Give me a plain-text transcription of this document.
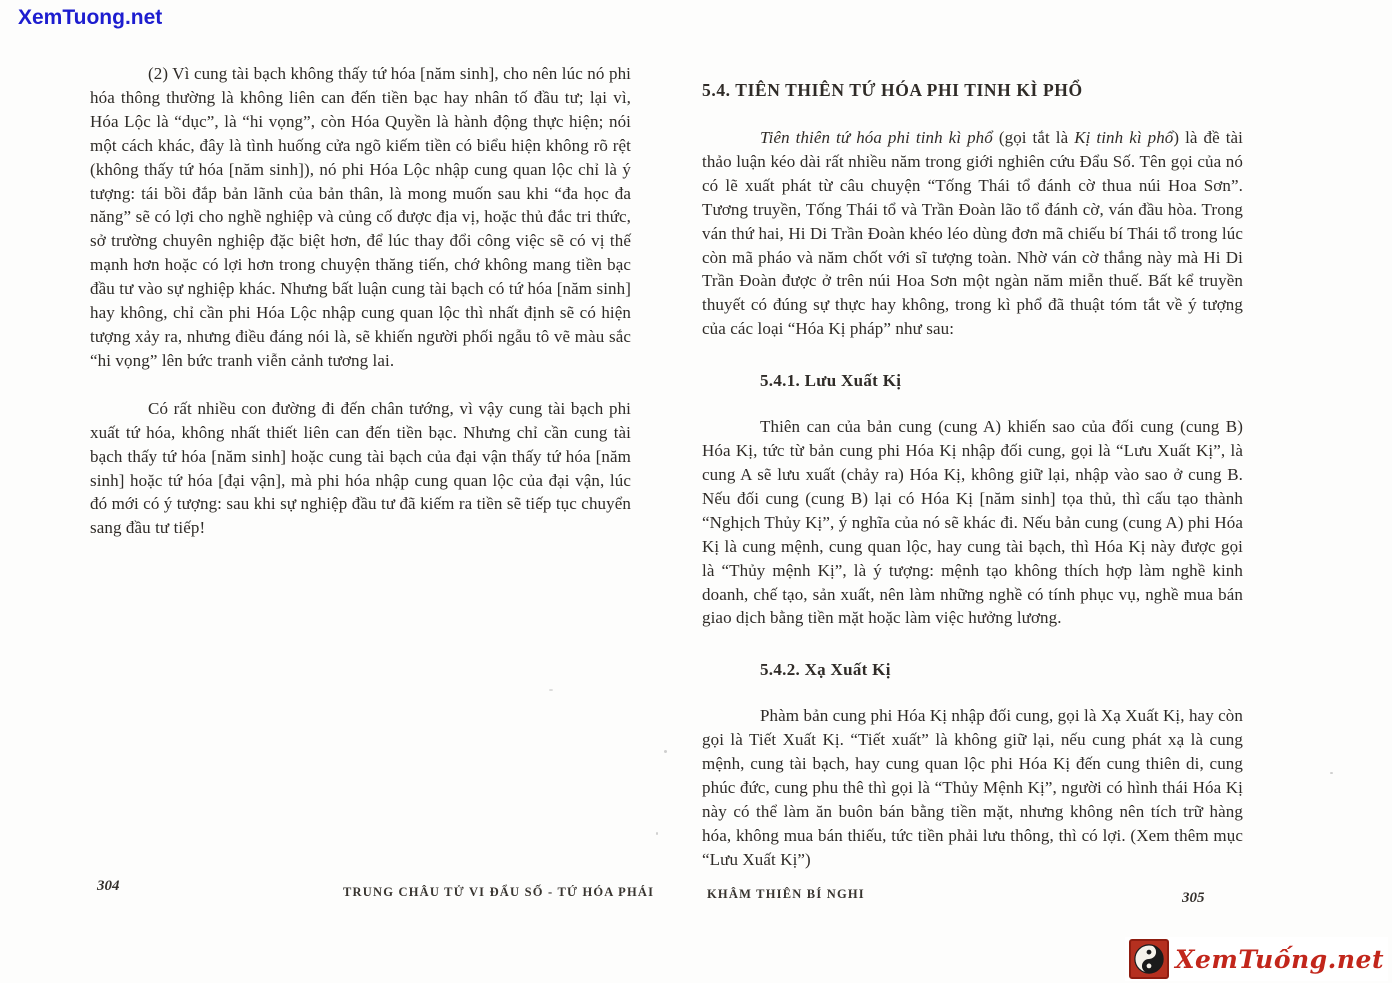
XemTuong.net

(2) Vì cung tài bạch không thấy tứ hóa [năm sinh], cho nên lúc nó phi hóa thông thường là không liên can đến tiền bạc hay nhân tố đầu tư; lại vì, Hóa Lộc là “dục”, là “hi vọng”, còn Hóa Quyền là hành động thực hiện; nói một cách khác, đây là tình huống cửa ngõ kiếm tiền có biểu hiện không rõ rệt (không thấy tứ hóa [năm sinh]), nó phi Hóa Lộc nhập cung quan lộc chỉ là ý tượng: tái bồi đắp bản lãnh của bản thân, là mong muốn sau khi “đa học đa năng” sẽ có lợi cho nghề nghiệp và củng cố được địa vị, hoặc thủ đắc tri thức, sở trường chuyên nghiệp đặc biệt hơn, để lúc thay đổi công việc sẽ có vị thế mạnh hơn hoặc có lợi hơn trong chuyện thăng tiến, chớ không mang tiền bạc đầu tư vào sự nghiệp khác. Nhưng bất luận cung tài bạch có tứ hóa [năm sinh] hay không, chỉ cần phi Hóa Lộc nhập cung quan lộc thì nhất định sẽ có hiện tượng xảy ra, nhưng điều đáng nói là, sẽ khiến người phối ngẫu tô vẽ màu sắc “hi vọng” lên bức tranh viễn cảnh tương lai.

Có rất nhiều con đường đi đến chân tướng, vì vậy cung tài bạch phi xuất tứ hóa, không nhất thiết liên can đến tiền bạc. Nhưng chỉ cần cung tài bạch thấy tứ hóa [năm sinh] hoặc cung tài bạch của đại vận thấy tứ hóa [năm sinh] hoặc tứ hóa [đại vận], mà phi hóa nhập cung quan lộc của đại vận, lúc đó mới có ý tượng: sau khi sự nghiệp đầu tư đã kiếm ra tiền sẽ tiếp tục chuyển sang đầu tư tiếp!

5.4. TIÊN THIÊN TỨ HÓA PHI TINH KÌ PHỔ

Tiên thiên tứ hóa phi tinh kì phổ (gọi tắt là Kị tinh kì phổ) là đề tài thảo luận kéo dài rất nhiều năm trong giới nghiên cứu Đẩu Số. Tên gọi của nó có lẽ xuất phát từ câu chuyện “Tống Thái tổ đánh cờ thua núi Hoa Sơn”. Tương truyền, Tống Thái tổ và Trần Đoàn lão tổ đánh cờ, ván đầu hòa. Trong ván thứ hai, Hi Di Trần Đoàn khéo léo dùng đơn mã chiếu bí Thái tổ trong lúc còn mã pháo và năm chốt với sĩ tượng toàn. Nhờ ván cờ thắng này mà Hi Di Trần Đoàn được ở trên núi Hoa Sơn một ngàn năm miễn thuế. Bất kể truyền thuyết có đúng sự thực hay không, trong kì phổ đã thuật tóm tắt về ý tượng của các loại “Hóa Kị pháp” như sau:

5.4.1. Lưu Xuất Kị

Thiên can của bản cung (cung A) khiến sao của đối cung (cung B) Hóa Kị, tức từ bản cung phi Hóa Kị nhập đối cung, gọi là “Lưu Xuất Kị”, là cung A sẽ lưu xuất (chảy ra) Hóa Kị, không giữ lại, nhập vào sao ở cung B. Nếu đối cung (cung B) lại có Hóa Kị [năm sinh] tọa thủ, thì cấu tạo thành “Nghịch Thủy Kị”, ý nghĩa của nó sẽ khác đi. Nếu bản cung (cung A) phi Hóa Kị là cung mệnh, cung quan lộc, hay cung tài bạch, thì Hóa Kị này được gọi là “Thủy mệnh Kị”, là ý tượng: mệnh tạo không thích hợp làm nghề kinh doanh, chế tạo, sản xuất, nên làm những nghề có tính phục vụ, nghề mua bán giao dịch bằng tiền mặt hoặc làm việc hưởng lương.

5.4.2. Xạ Xuất Kị

Phàm bản cung phi Hóa Kị nhập đối cung, gọi là Xạ Xuất Kị, hay còn gọi là Tiết Xuất Kị. “Tiết xuất” là không giữ lại, nếu cung phát xạ là cung mệnh, cung tài bạch, hay cung quan lộc phi Hóa Kị đến cung thiên di, cung phúc đức, cung phu thê thì gọi là “Thủy Mệnh Kị”, người có hình thái Hóa Kị này có thể làm ăn buôn bán bằng tiền mặt, nhưng không nên tích trữ hàng hóa, không mua bán thiếu, tức tiền phải lưu thông, thì có lợi. (Xem thêm mục “Lưu Xuất Kị”)

304	TRUNG CHÂU TỬ VI ĐẨU SỐ - TỨ HÓA PHÁI	KHÂM THIÊN BÍ NGHI	305
XemTuống.net
